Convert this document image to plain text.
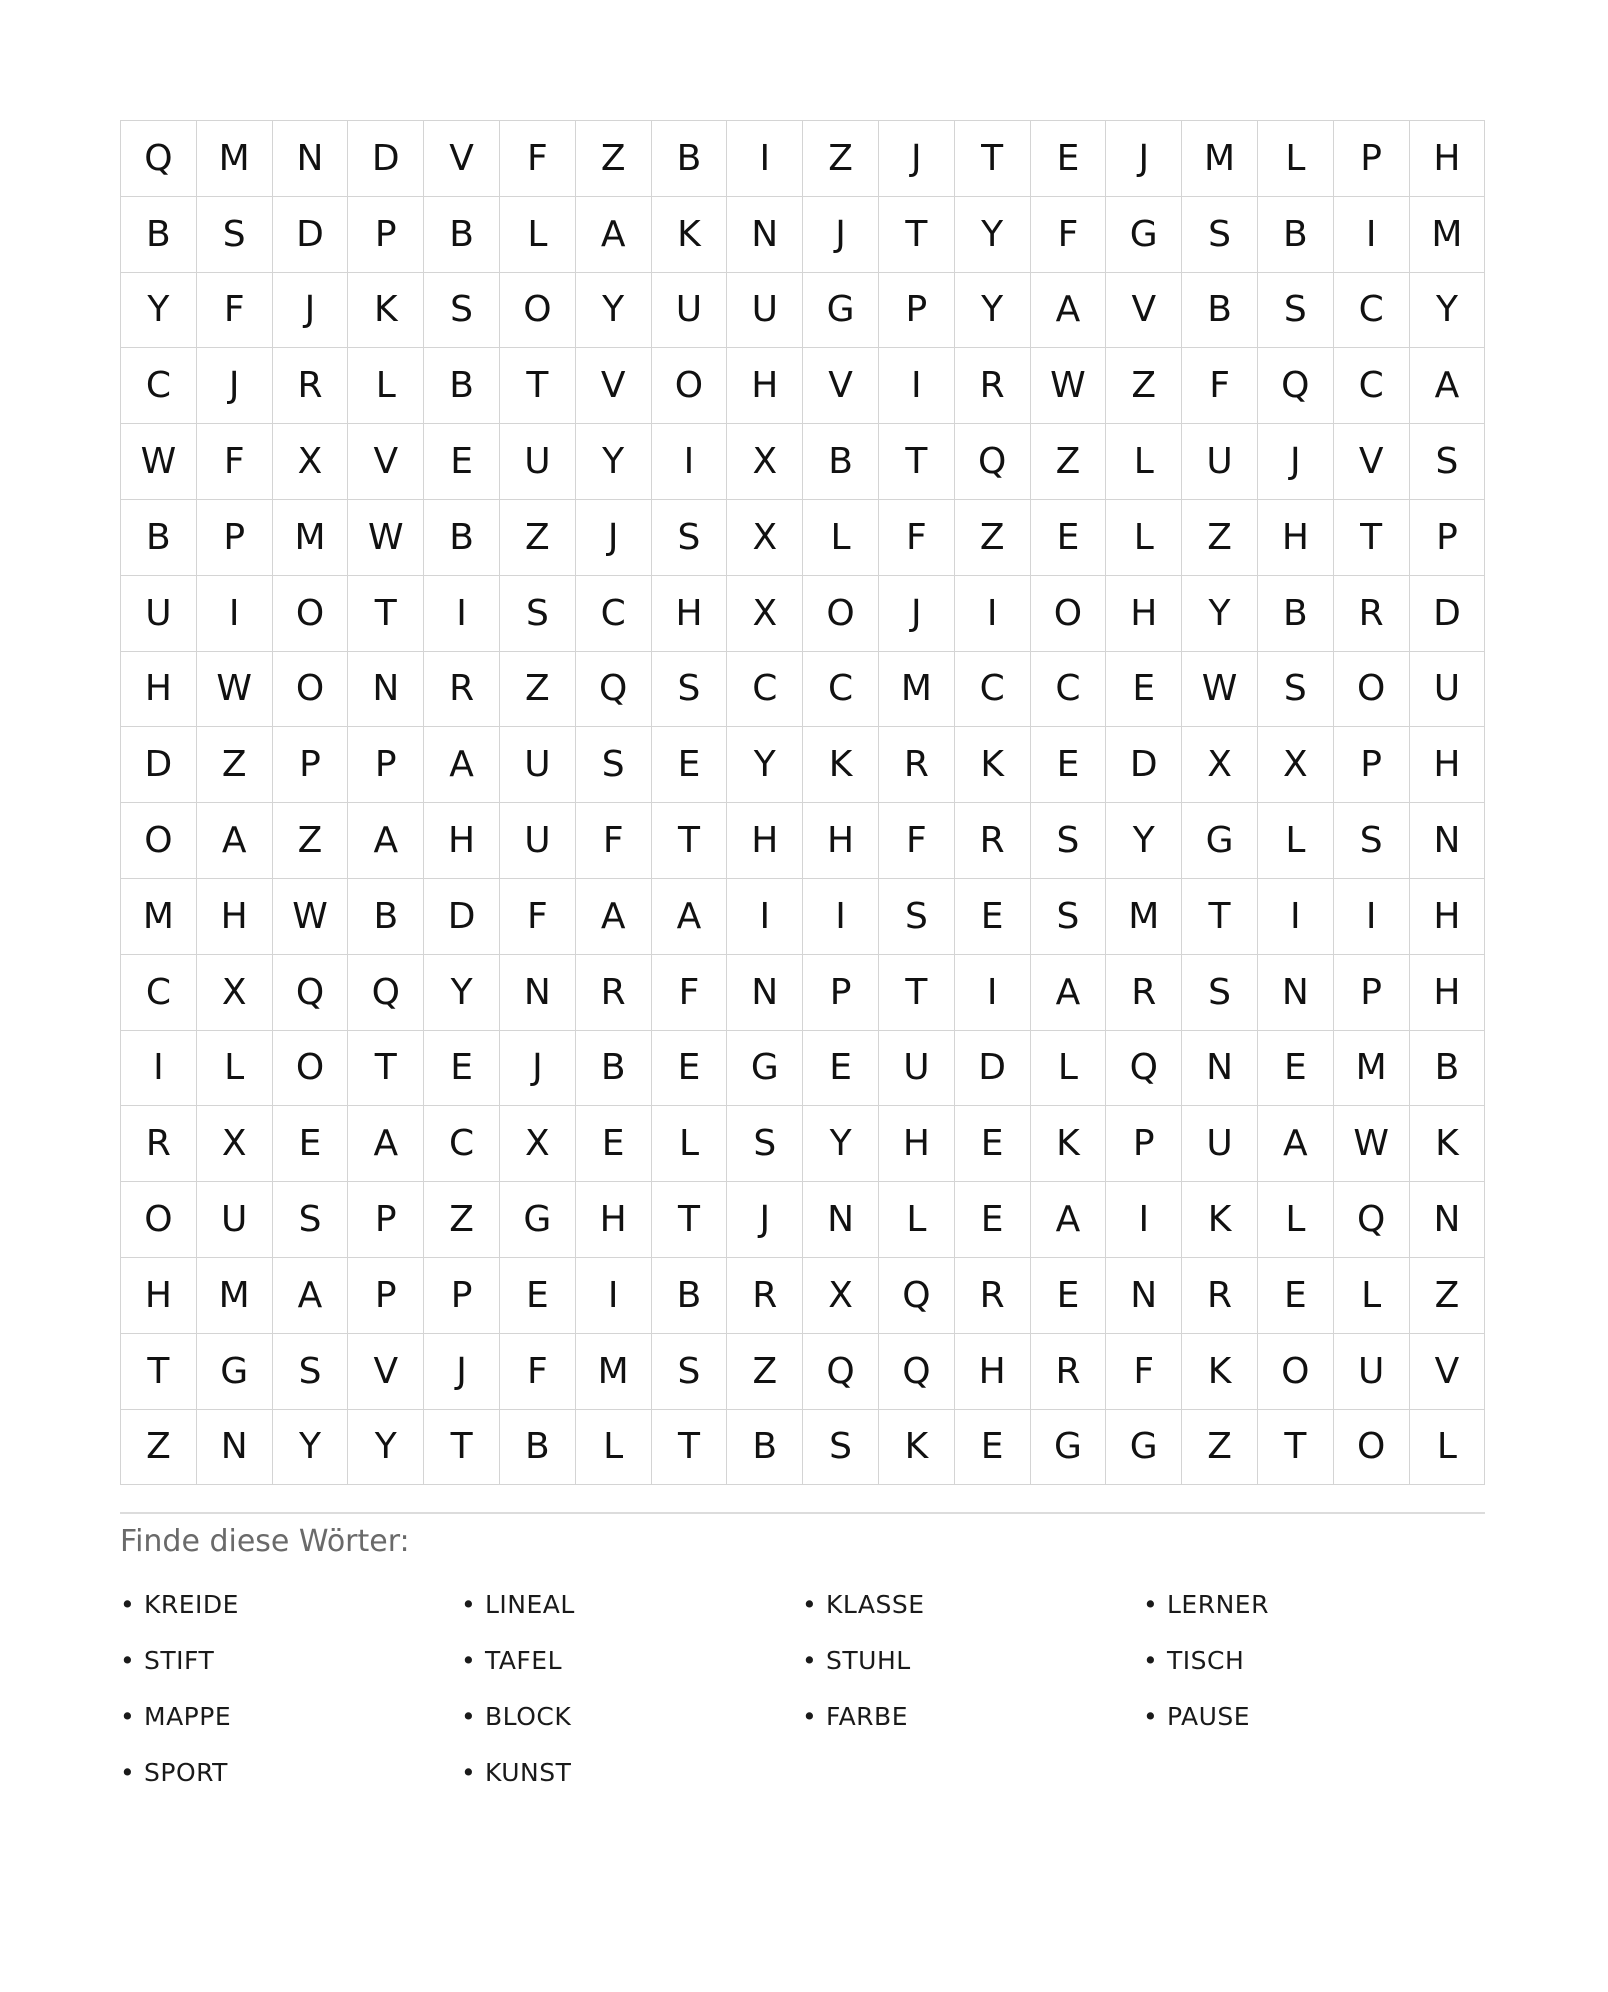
Q	M	N	D	V	F	Z	B	I	Z	J	T	E	J	M	L	P	H
B	S	D	P	B	L	A	K	N	J	T	Y	F	G	S	B	I	M
Y	F	J	K	S	O	Y	U	U	G	P	Y	A	V	B	S	C	Y
C	J	R	L	B	T	V	O	H	V	I	R	W	Z	F	Q	C	A
W	F	X	V	E	U	Y	I	X	B	T	Q	Z	L	U	J	V	S
B	P	M	W	B	Z	J	S	X	L	F	Z	E	L	Z	H	T	P
U	I	O	T	I	S	C	H	X	O	J	I	O	H	Y	B	R	D
H	W	O	N	R	Z	Q	S	C	C	M	C	C	E	W	S	O	U
D	Z	P	P	A	U	S	E	Y	K	R	K	E	D	X	X	P	H
O	A	Z	A	H	U	F	T	H	H	F	R	S	Y	G	L	S	N
M	H	W	B	D	F	A	A	I	I	S	E	S	M	T	I	I	H
C	X	Q	Q	Y	N	R	F	N	P	T	I	A	R	S	N	P	H
I	L	O	T	E	J	B	E	G	E	U	D	L	Q	N	E	M	B
R	X	E	A	C	X	E	L	S	Y	H	E	K	P	U	A	W	K
O	U	S	P	Z	G	H	T	J	N	L	E	A	I	K	L	Q	N
H	M	A	P	P	E	I	B	R	X	Q	R	E	N	R	E	L	Z
T	G	S	V	J	F	M	S	Z	Q	Q	H	R	F	K	O	U	V
Z	N	Y	Y	T	B	L	T	B	S	K	E	G	G	Z	T	O	L
Finde diese Wörter:
• KREIDE	• LINEAL	• KLASSE	• LERNER
• STIFT	• TAFEL	• STUHL	• TISCH
• MAPPE	• BLOCK	• FARBE	• PAUSE
• SPORT	• KUNST
